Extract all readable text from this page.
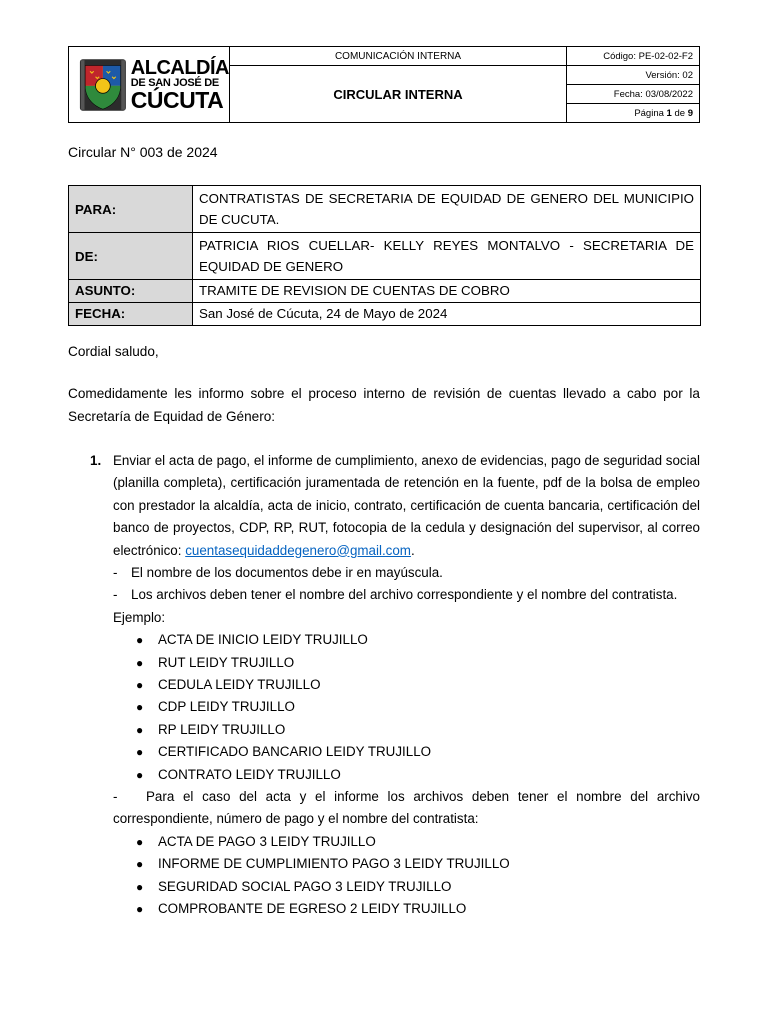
ALCALDÍA
DE SAN JOSÉ DE
CÚCUTA	COMUNICACIÓN INTERNA	Código: PE-02-02-F2
	CIRCULAR INTERNA	Versión: 02
		Fecha: 03/08/2022
		Página 1 de 9
Circular N° 003 de 2024
PARA:	CONTRATISTAS DE SECRETARIA DE EQUIDAD DE GENERO DEL MUNICIPIO DE CUCUTA.
DE:	PATRICIA RIOS CUELLAR- KELLY REYES MONTALVO - SECRETARIA DE EQUIDAD DE GENERO
ASUNTO:	TRAMITE DE REVISION DE CUENTAS DE COBRO
FECHA:	San José de Cúcuta, 24 de Mayo de 2024
Cordial saludo,
Comedidamente les informo sobre el proceso interno de revisión de cuentas llevado a cabo por la Secretaría de Equidad de Género:
1. Enviar el acta de pago, el informe de cumplimiento, anexo de evidencias, pago de seguridad social (planilla completa), certificación juramentada de retención en la fuente, pdf de la bolsa de empleo con prestador la alcaldía, acta de inicio, contrato, certificación de cuenta bancaria, certificación del banco de proyectos, CDP, RP, RUT, fotocopia de la cedula y designación del supervisor, al correo electrónico: cuentasequidaddegenero@gmail.com.
- El nombre de los documentos debe ir en mayúscula.
- Los archivos deben tener el nombre del archivo correspondiente y el nombre del contratista.
Ejemplo:
● ACTA DE INICIO LEIDY TRUJILLO
● RUT LEIDY TRUJILLO
● CEDULA LEIDY TRUJILLO
● CDP LEIDY TRUJILLO
● RP LEIDY TRUJILLO
● CERTIFICADO BANCARIO LEIDY TRUJILLO
● CONTRATO LEIDY TRUJILLO
- Para el caso del acta y el informe los archivos deben tener el nombre del archivo correspondiente, número de pago y el nombre del contratista:
● ACTA DE PAGO 3 LEIDY TRUJILLO
● INFORME DE CUMPLIMIENTO PAGO 3 LEIDY TRUJILLO
● SEGURIDAD SOCIAL PAGO 3 LEIDY TRUJILLO
● COMPROBANTE DE EGRESO 2 LEIDY TRUJILLO
